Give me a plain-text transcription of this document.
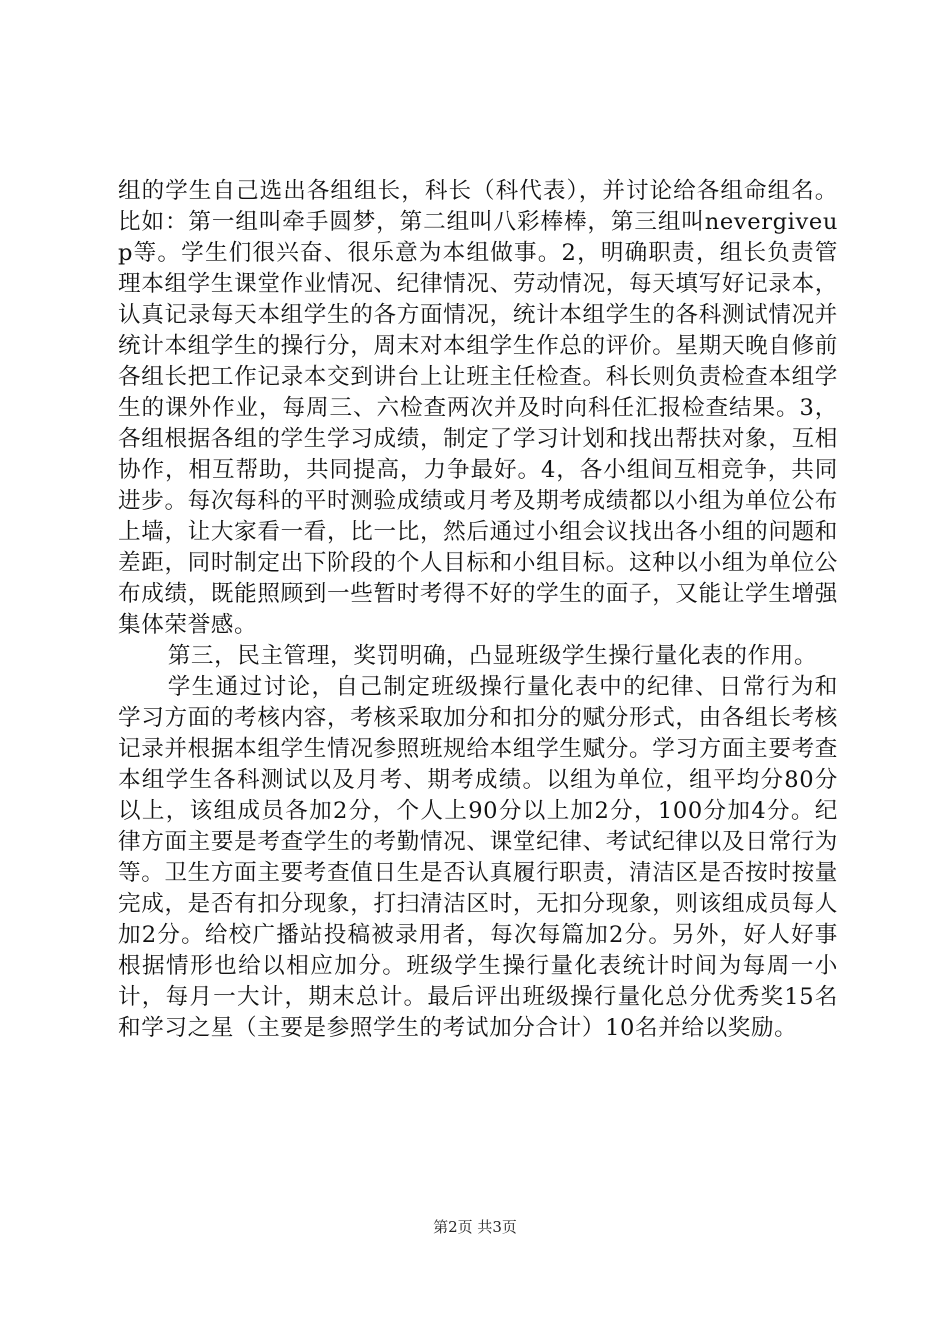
组的学生自己选出各组组长，科长（科代表），并讨论给各组命组名。比如：第一组叫牵手圆梦，第二组叫八彩棒棒，第三组叫nevergiveup等。学生们很兴奋、很乐意为本组做事。2，明确职责，组长负责管理本组学生课堂作业情况、纪律情况、劳动情况，每天填写好记录本，认真记录每天本组学生的各方面情况，统计本组学生的各科测试情况并统计本组学生的操行分，周末对本组学生作总的评价。星期天晚自修前各组长把工作记录本交到讲台上让班主任检查。科长则负责检查本组学生的课外作业，每周三、六检查两次并及时向科任汇报检查结果。3，各组根据各组的学生学习成绩，制定了学习计划和找出帮扶对象，互相协作，相互帮助，共同提高，力争最好。4，各小组间互相竞争，共同进步。每次每科的平时测验成绩或月考及期考成绩都以小组为单位公布上墙，让大家看一看，比一比，然后通过小组会议找出各小组的问题和差距，同时制定出下阶段的个人目标和小组目标。这种以小组为单位公布成绩，既能照顾到一些暂时考得不好的学生的面子，又能让学生增强集体荣誉感。

第三，民主管理，奖罚明确，凸显班级学生操行量化表的作用。

学生通过讨论，自己制定班级操行量化表中的纪律、日常行为和学习方面的考核内容，考核采取加分和扣分的赋分形式，由各组长考核记录并根据本组学生情况参照班规给本组学生赋分。学习方面主要考查本组学生各科测试以及月考、期考成绩。以组为单位，组平均分80分以上，该组成员各加2分，个人上90分以上加2分，100分加4分。纪律方面主要是考查学生的考勤情况、课堂纪律、考试纪律以及日常行为等。卫生方面主要考查值日生是否认真履行职责，清洁区是否按时按量完成，是否有扣分现象，打扫清洁区时，无扣分现象，则该组成员每人加2分。给校广播站投稿被录用者，每次每篇加2分。另外，好人好事根据情形也给以相应加分。班级学生操行量化表统计时间为每周一小计，每月一大计，期末总计。最后评出班级操行量化总分优秀奖15名和学习之星（主要是参照学生的考试加分合计）10名并给以奖励。

第2页 共3页
